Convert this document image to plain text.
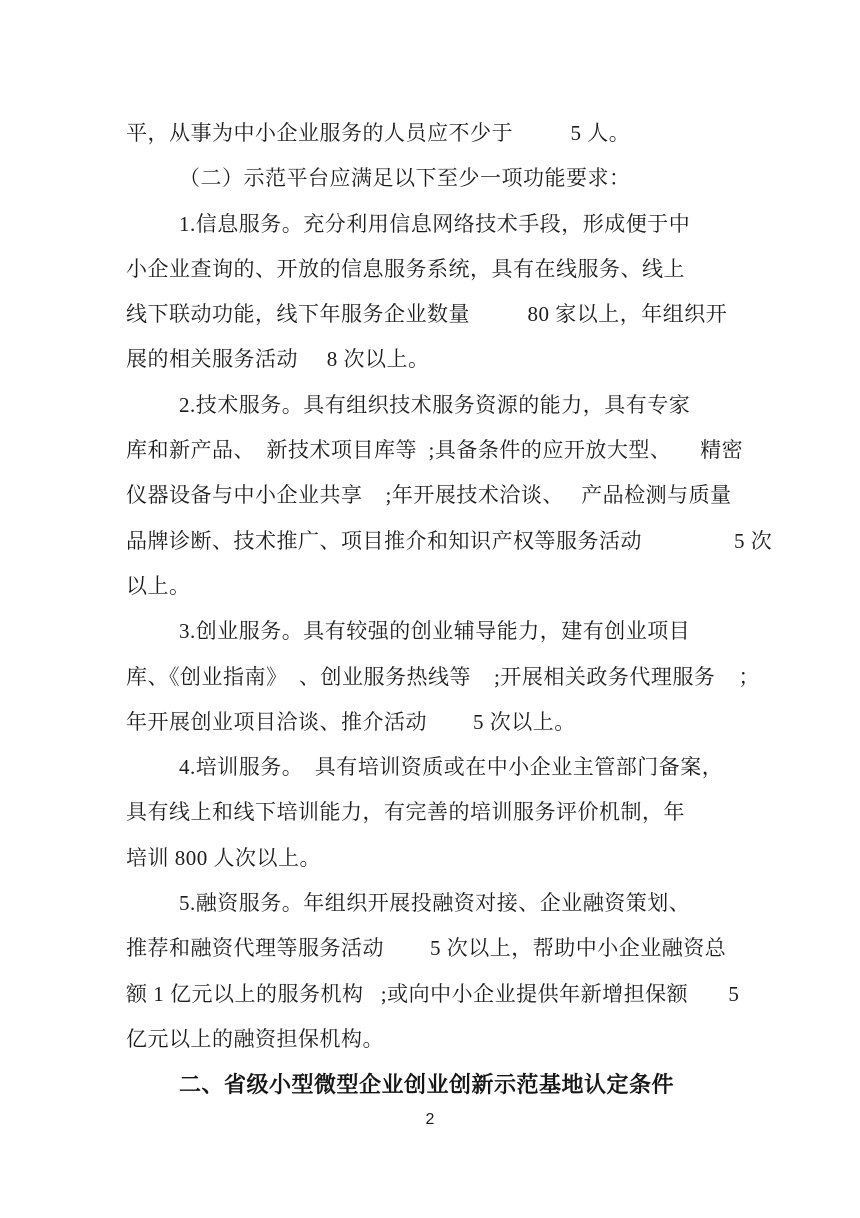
平，从事为中小企业服务的人员应不少于          5 人。
（二）示范平台应满足以下至少一项功能要求：
1.信息服务。充分利用信息网络技术手段，形成便于中
小企业查询的、开放的信息服务系统，具有在线服务、线上
线下联动功能，线下年服务企业数量          80 家以上，年组织开
展的相关服务活动     8 次以上。
2.技术服务。具有组织技术服务资源的能力，具有专家
库和新产品、  新技术项目库等  ;具备条件的应开放大型、     精密
仪器设备与中小企业共享    ;年开展技术洽谈、   产品检测与质量
品牌诊断、技术推广、项目推介和知识产权等服务活动                5 次
以上。
3.创业服务。具有较强的创业辅导能力，建有创业项目
库、《创业指南》  、创业服务热线等    ;开展相关政务代理服务    ；
年开展创业项目洽谈、推介活动        5 次以上。
4.培训服务。  具有培训资质或在中小企业主管部门备案，
具有线上和线下培训能力，有完善的培训服务评价机制，年
培训 800 人次以上。
5.融资服务。年组织开展投融资对接、企业融资策划、
推荐和融资代理等服务活动        5 次以上，帮助中小企业融资总
额 1 亿元以上的服务机构   ;或向中小企业提供年新增担保额       5
亿元以上的融资担保机构。
二、省级小型微型企业创业创新示范基地认定条件
2
